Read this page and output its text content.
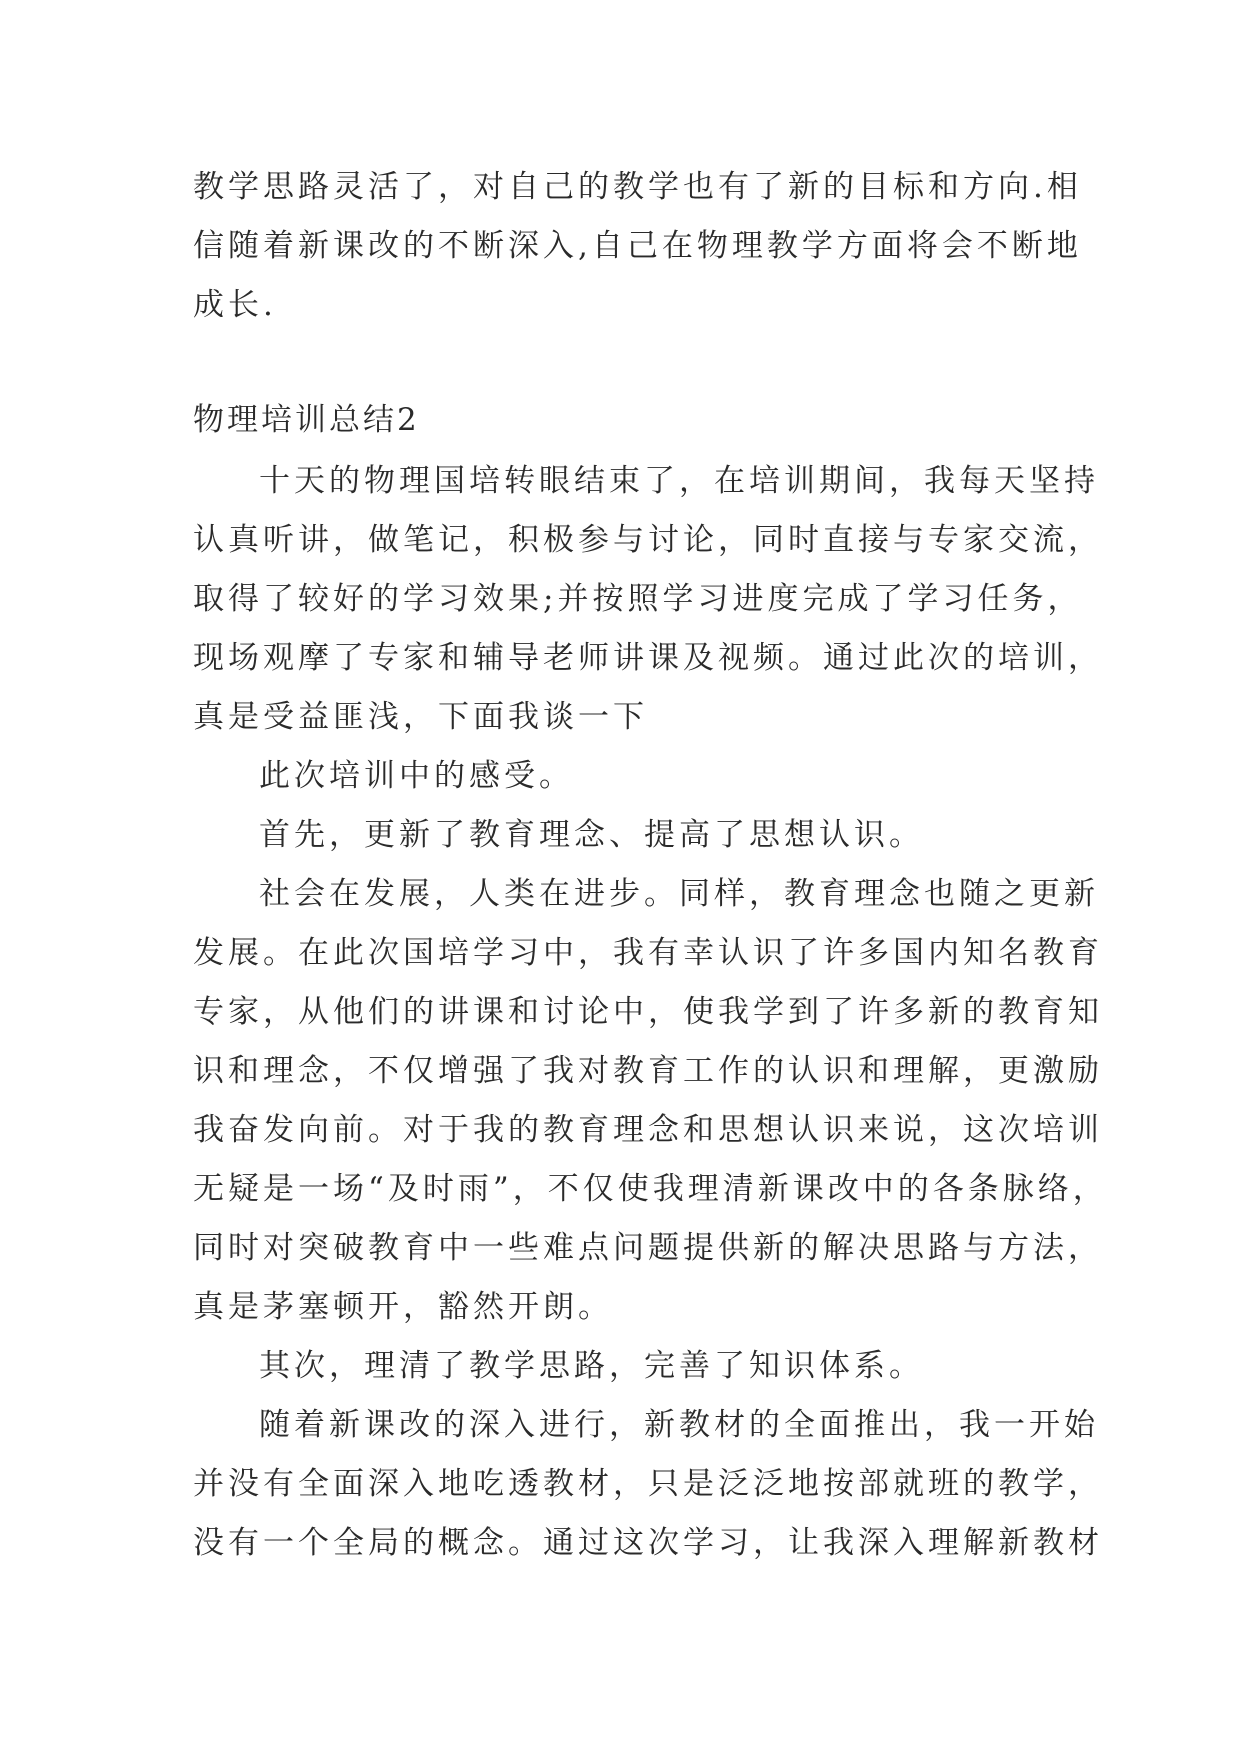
教学思路灵活了，对自己的教学也有了新的目标和方向.相
信随着新课改的不断深入,自己在物理教学方面将会不断地
成长.
物理培训总结2
十天的物理国培转眼结束了，在培训期间，我每天坚持
认真听讲，做笔记，积极参与讨论，同时直接与专家交流，
取得了较好的学习效果;并按照学习进度完成了学习任务，
现场观摩了专家和辅导老师讲课及视频。通过此次的培训，
真是受益匪浅，下面我谈一下
此次培训中的感受。
首先，更新了教育理念、提高了思想认识。
社会在发展，人类在进步。同样，教育理念也随之更新
发展。在此次国培学习中，我有幸认识了许多国内知名教育
专家，从他们的讲课和讨论中，使我学到了许多新的教育知
识和理念，不仅增强了我对教育工作的认识和理解，更激励
我奋发向前。对于我的教育理念和思想认识来说，这次培训
无疑是一场“及时雨”，不仅使我理清新课改中的各条脉络，
同时对突破教育中一些难点问题提供新的解决思路与方法，
真是茅塞顿开，豁然开朗。
其次，理清了教学思路，完善了知识体系。
随着新课改的深入进行，新教材的全面推出，我一开始
并没有全面深入地吃透教材，只是泛泛地按部就班的教学，
没有一个全局的概念。通过这次学习，让我深入理解新教材
